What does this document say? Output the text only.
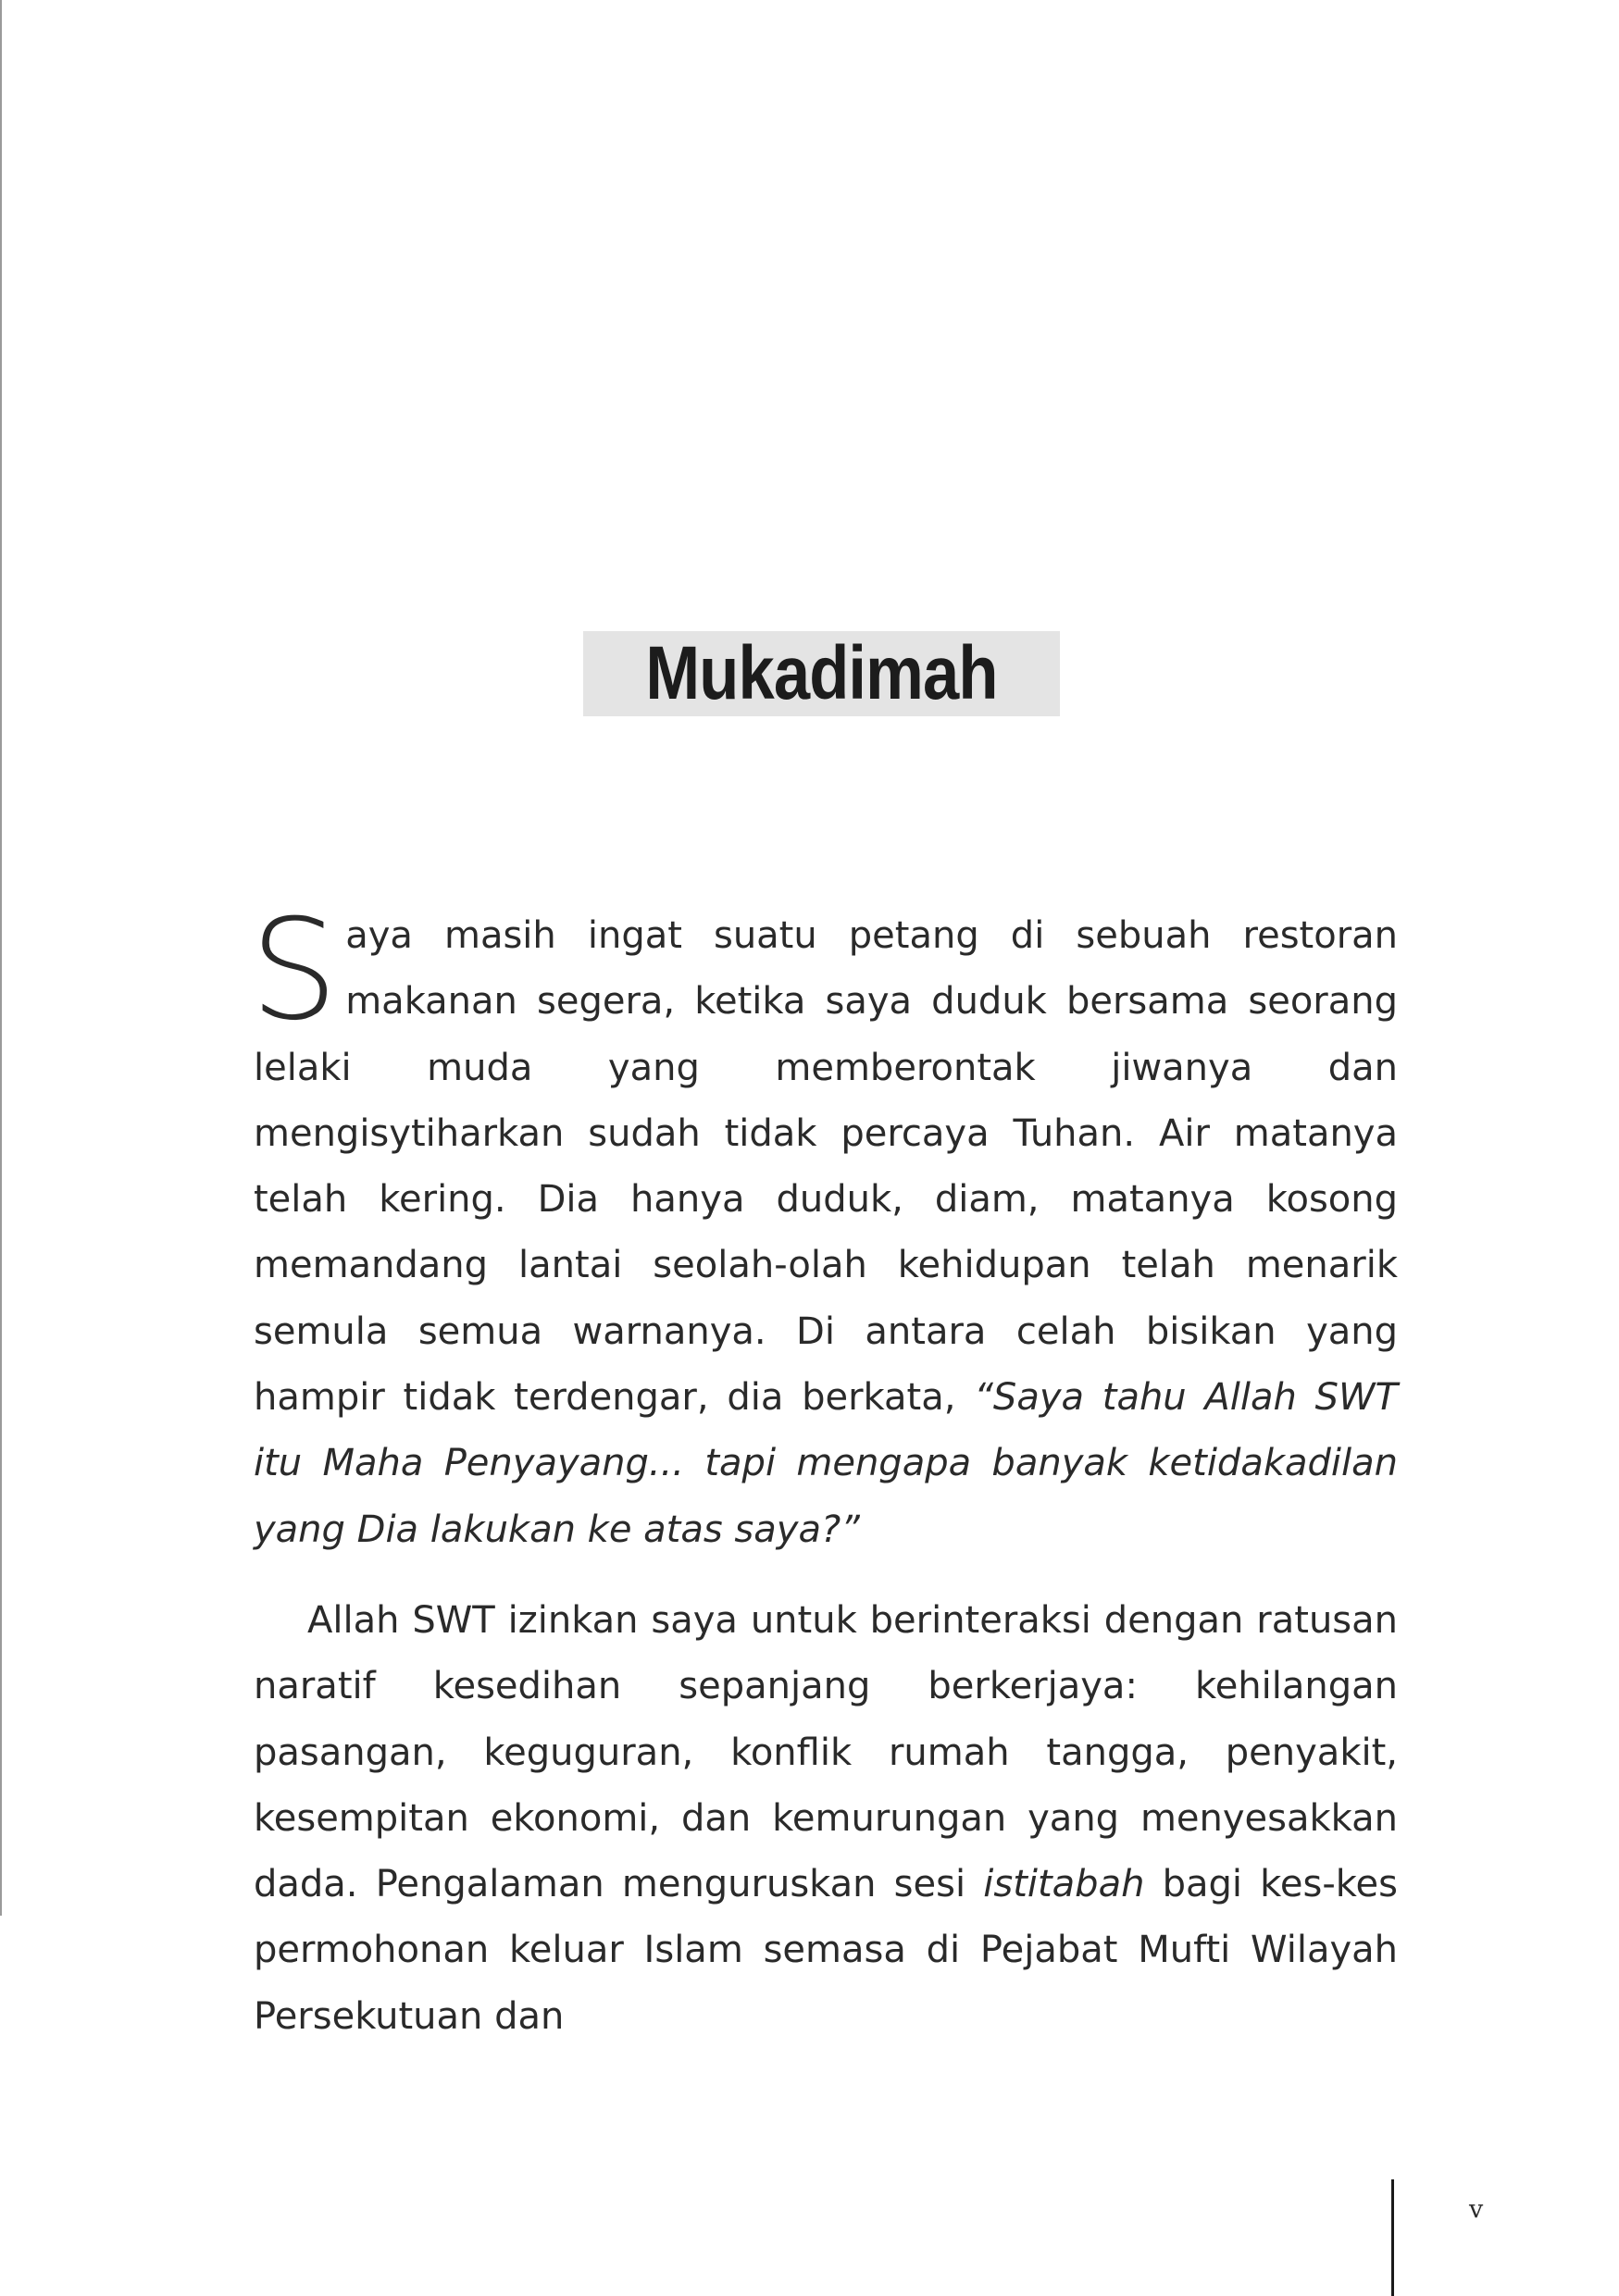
Mukadimah
Saya masih ingat suatu petang di sebuah restoran makanan segera, ketika saya duduk bersama seorang lelaki muda yang memberontak jiwanya dan mengisytiharkan sudah tidak percaya Tuhan. Air matanya telah kering. Dia hanya duduk, diam, matanya kosong memandang lantai seolah-olah kehidupan telah menarik semula semua warnanya. Di antara celah bisikan yang hampir tidak terdengar, dia berkata, “Saya tahu Allah SWT itu Maha Penyayang... tapi mengapa banyak ketidakadilan yang Dia lakukan ke atas saya?”
Allah SWT izinkan saya untuk berinteraksi dengan ratusan naratif kesedihan sepanjang berkerjaya: kehilangan pasangan, keguguran, konflik rumah tangga, penyakit, kesempitan ekonomi, dan kemurungan yang menyesakkan dada. Pengalaman menguruskan sesi istitabah bagi kes-kes permohonan keluar Islam semasa di Pejabat Mufti Wilayah Persekutuan dan
v
